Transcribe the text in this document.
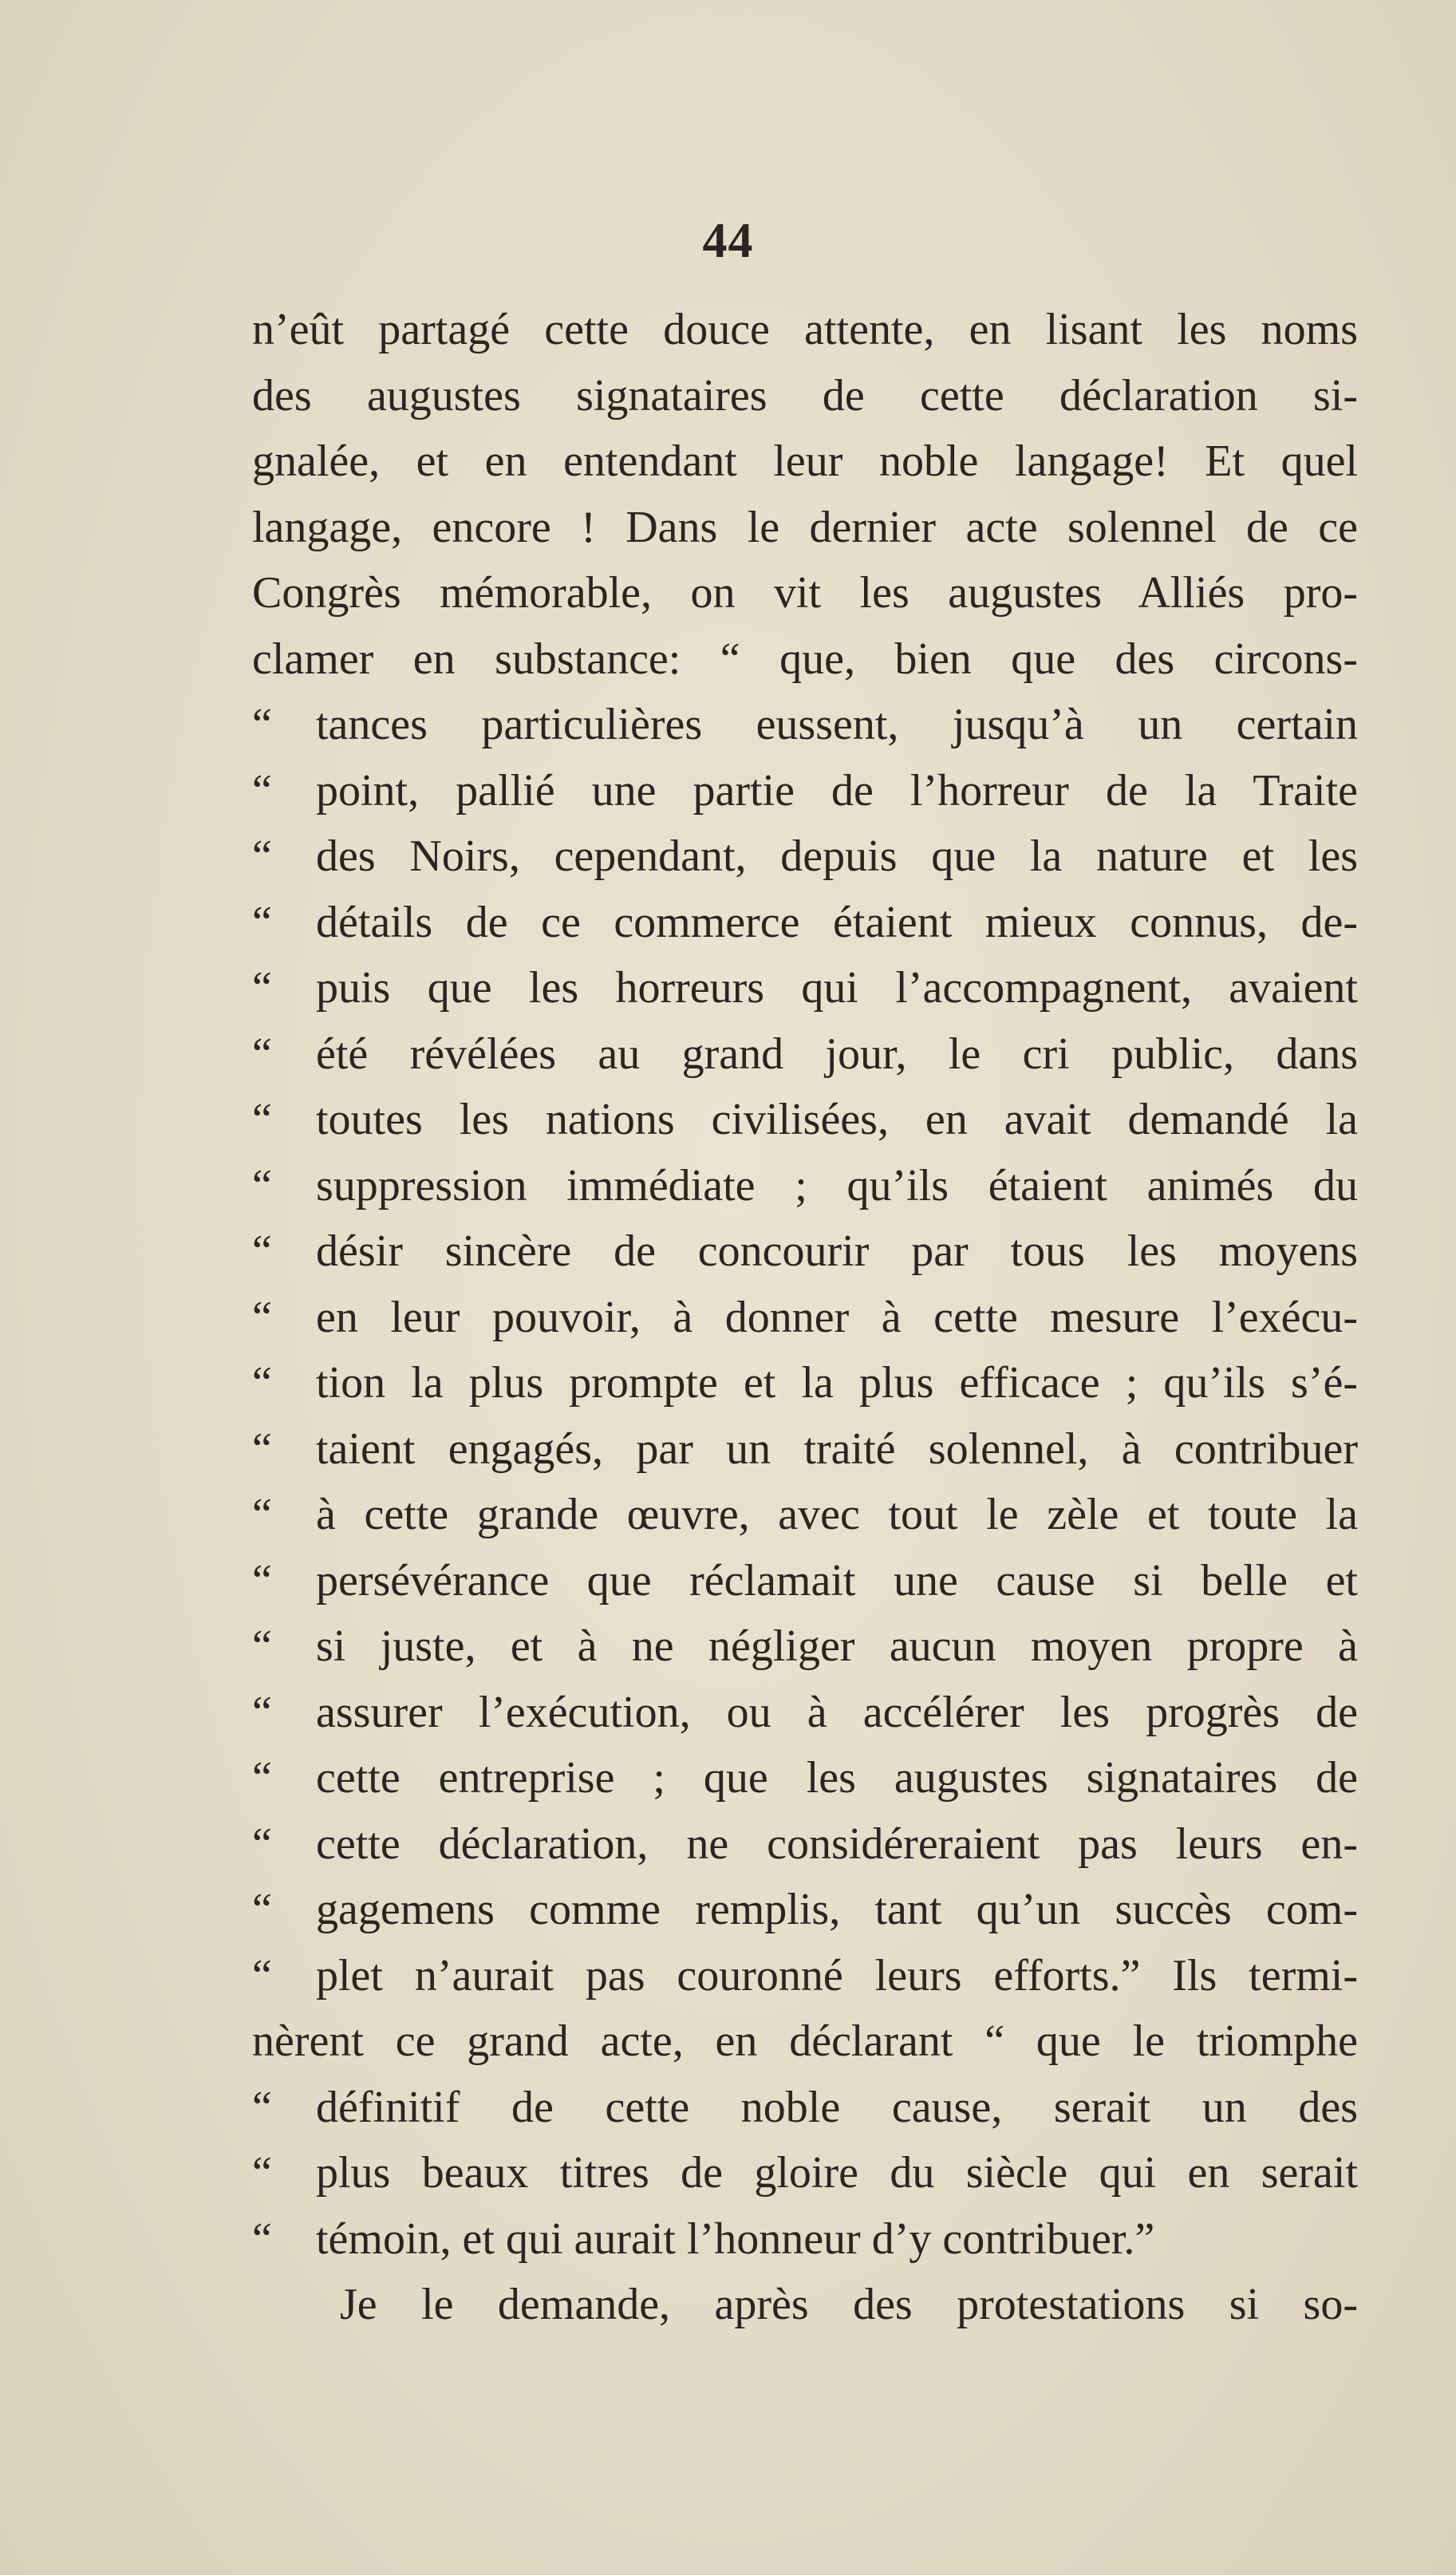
44
n’eût partagé cette douce attente, en lisant les noms
des augustes signataires de cette déclaration si-
gnalée, et en entendant leur noble langage! Et quel
langage, encore ! Dans le dernier acte solennel de ce
Congrès mémorable, on vit les augustes Alliés pro-
clamer en substance: “ que, bien que des circons-
“ tances particulières eussent, jusqu’à un certain
“ point, pallié une partie de l’horreur de la Traite
“ des Noirs, cependant, depuis que la nature et les
“ détails de ce commerce étaient mieux connus, de-
“ puis que les horreurs qui l’accompagnent, avaient
“ été révélées au grand jour, le cri public, dans
“ toutes les nations civilisées, en avait demandé la
“ suppression immédiate ; qu’ils étaient animés du
“ désir sincère de concourir par tous les moyens
“ en leur pouvoir, à donner à cette mesure l’exécu-
“ tion la plus prompte et la plus efficace ; qu’ils s’é-
“ taient engagés, par un traité solennel, à contribuer
“ à cette grande œuvre, avec tout le zèle et toute la
“ persévérance que réclamait une cause si belle et
“ si juste, et à ne négliger aucun moyen propre à
“ assurer l’exécution, ou à accélérer les progrès de
“ cette entreprise ; que les augustes signataires de
“ cette déclaration, ne considéreraient pas leurs en-
“ gagemens comme remplis, tant qu’un succès com-
“ plet n’aurait pas couronné leurs efforts.” Ils termi-
nèrent ce grand acte, en déclarant “ que le triomphe
“ définitif de cette noble cause, serait un des
“ plus beaux titres de gloire du siècle qui en serait
“ témoin, et qui aurait l’honneur d’y contribuer.”
Je le demande, après des protestations si so-
